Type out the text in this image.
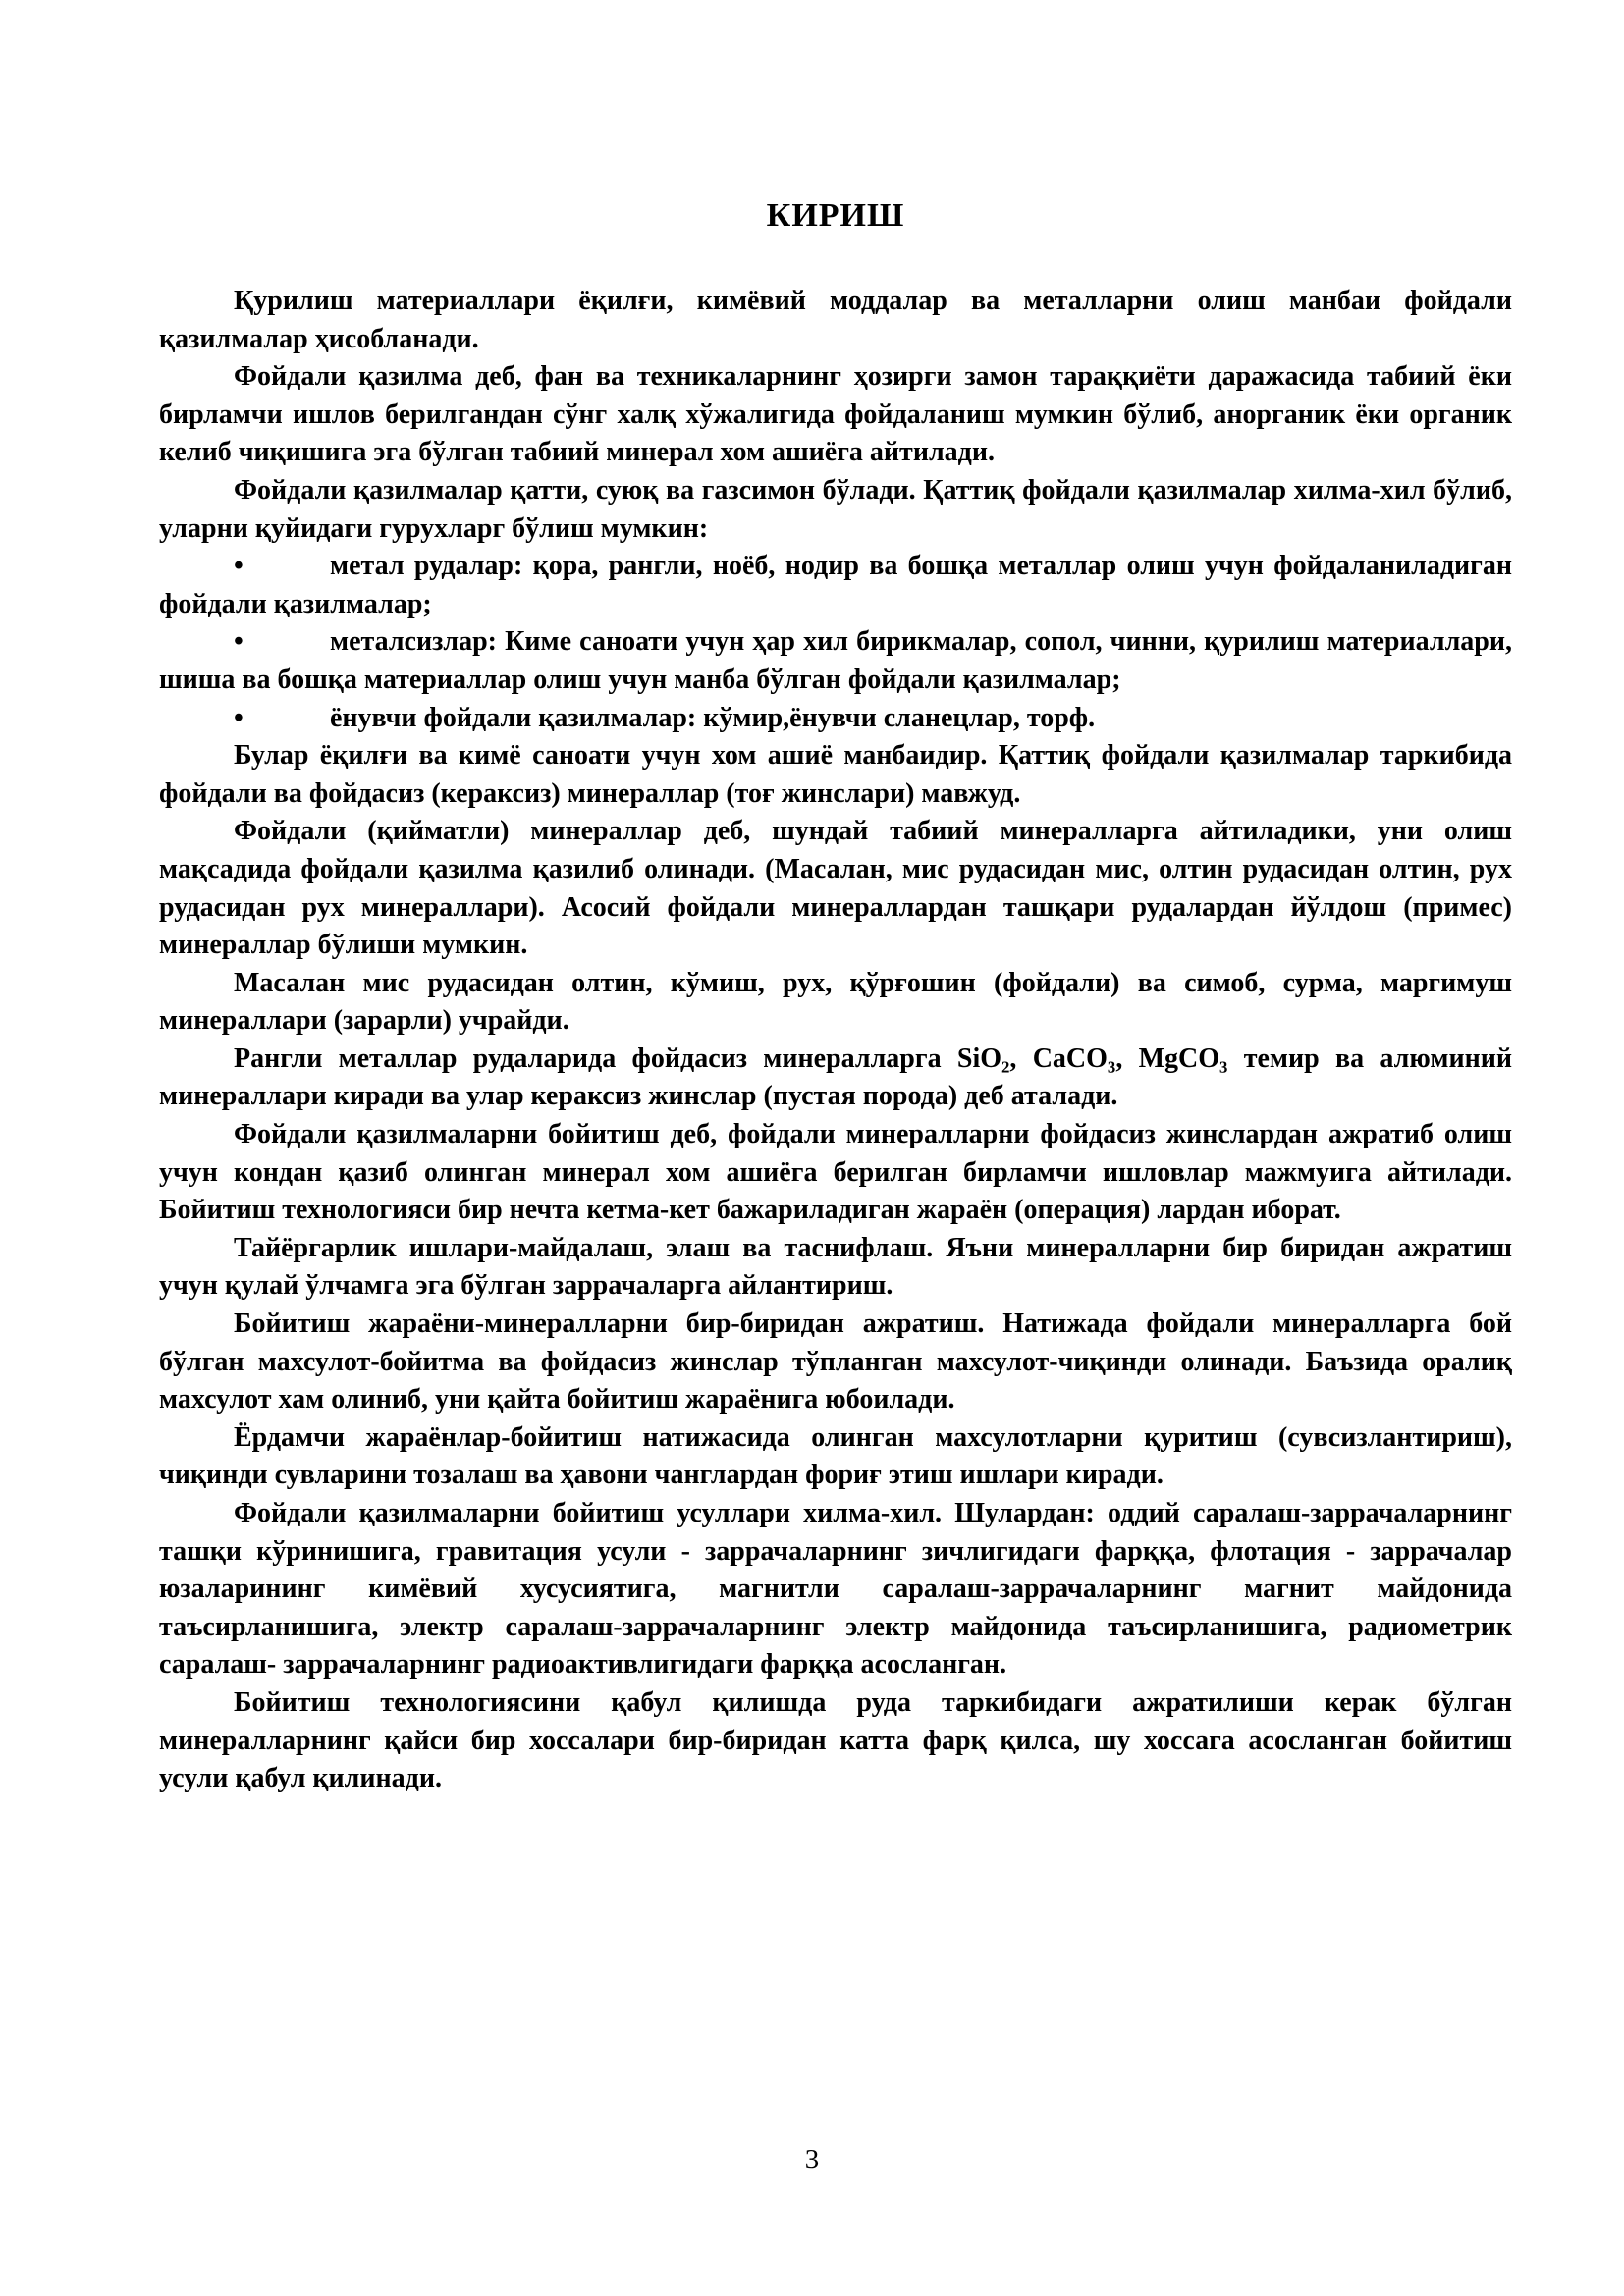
КИРИШ

Қурилиш материаллари ёқилғи, кимёвий моддалар ва металларни олиш манбаи фойдали қазилмалар ҳисобланади.

Фойдали қазилма деб, фан ва техникаларнинг ҳозирги замон тараққиёти даражасида табиий ёки бирламчи ишлов берилгандан сўнг халқ хўжалигида фойдаланиш мумкин бўлиб, анорганик ёки органик келиб чиқишига эга бўлган табиий минерал хом ашиёга айтилади.

Фойдали қазилмалар қатти, суюқ ва газсимон бўлади. Қаттиқ фойдали қазилмалар хилма-хил бўлиб, уларни қуйидаги гурухларг бўлиш мумкин:

•	метал рудалар: қора, рангли, ноёб, нодир ва бошқа металлар олиш учун фойдаланиладиган фойдали қазилмалар;

•	металсизлар: Киме саноати учун ҳар хил бирикмалар, сопол, чинни, қурилиш материаллари, шиша ва бошқа материаллар олиш учун манба бўлган фойдали қазилмалар;

•	ёнувчи фойдали қазилмалар: кўмир,ёнувчи сланецлар, торф.

Булар ёқилғи ва кимё саноати учун хом ашиё манбаидир. Қаттиқ фойдали қазилмалар таркибида фойдали ва фойдасиз (кераксиз) минераллар (тоғ жинслари) мавжуд.

Фойдали (қийматли) минераллар деб, шундай табиий минералларга айтиладики, уни олиш мақсадида фойдали қазилма қазилиб олинади. (Масалан, мис рудасидан мис, олтин рудасидан олтин, рух рудасидан рух минераллари). Асосий фойдали минераллардан ташқари рудалардан йўлдош (примес) минераллар бўлиши мумкин.

Масалан мис рудасидан олтин, кўмиш, рух, қўрғошин (фойдали) ва симоб, сурма, маргимуш минераллари (зарарли) учрайди.

Рангли металлар рудаларида фойдасиз минералларга SiO₂, CaCO₃, MgCO₃ темир ва алюминий минераллари киради ва улар кераксиз жинслар (пустая порода) деб аталади.

Фойдали қазилмаларни бойитиш деб, фойдали минералларни фойдасиз жинслардан ажратиб олиш учун кондан қазиб олинган минерал хом ашиёга берилган бирламчи ишловлар мажмуига айтилади. Бойитиш технологияси бир нечта кетма-кет бажариладиган жараён (операция) лардан иборат.

Тайёргарлик ишлари-майдалаш, элаш ва таснифлаш. Яъни минералларни бир биридан ажратиш учун қулай ўлчамга эга бўлган заррачаларга айлантириш.

Бойитиш жараёни-минералларни бир-биридан ажратиш. Натижада фойдали минералларга бой бўлган махсулот-бойитма ва фойдасиз жинслар тўпланган махсулот-чиқинди олинади. Баъзида оралиқ махсулот хам олиниб, уни қайта бойитиш жараёнига юбоилади.

Ёрдамчи жараёнлар-бойитиш натижасида олинган махсулотларни қуритиш (сувсизлантириш), чиқинди сувларини тозалаш ва ҳавони чанглардан фориғ этиш ишлари киради.

Фойдали қазилмаларни бойитиш усуллари хилма-хил. Шулардан: оддий саралаш-заррачаларнинг ташқи кўринишига, гравитация усули - заррачаларнинг зичлигидаги фарққа, флотация - заррачалар юзаларининг кимёвий хусусиятига, магнитли саралаш-заррачаларнинг магнит майдонида таъсирланишига, электр саралаш-заррачаларнинг электр майдонида таъсирланишига, радиометрик саралаш- заррачаларнинг радиоактивлигидаги фарққа асосланган.

Бойитиш технологиясини қабул қилишда руда таркибидаги ажратилиши керак бўлган минералларнинг қайси бир хоссалари бир-биридан катта фарқ қилса, шу хоссага асосланган бойитиш усули қабул қилинади.

3
